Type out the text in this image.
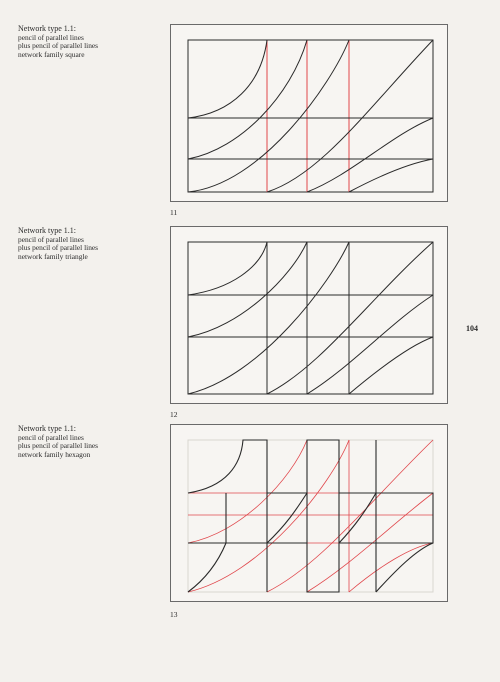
Network type 1.1:
pencil of parallel lines
plus pencil of parallel lines
network family square
11
Network type 1.1:
pencil of parallel lines
plus pencil of parallel lines
network family triangle
12
104
Network type 1.1:
pencil of parallel lines
plus pencil of parallel lines
network family hexagon
13
